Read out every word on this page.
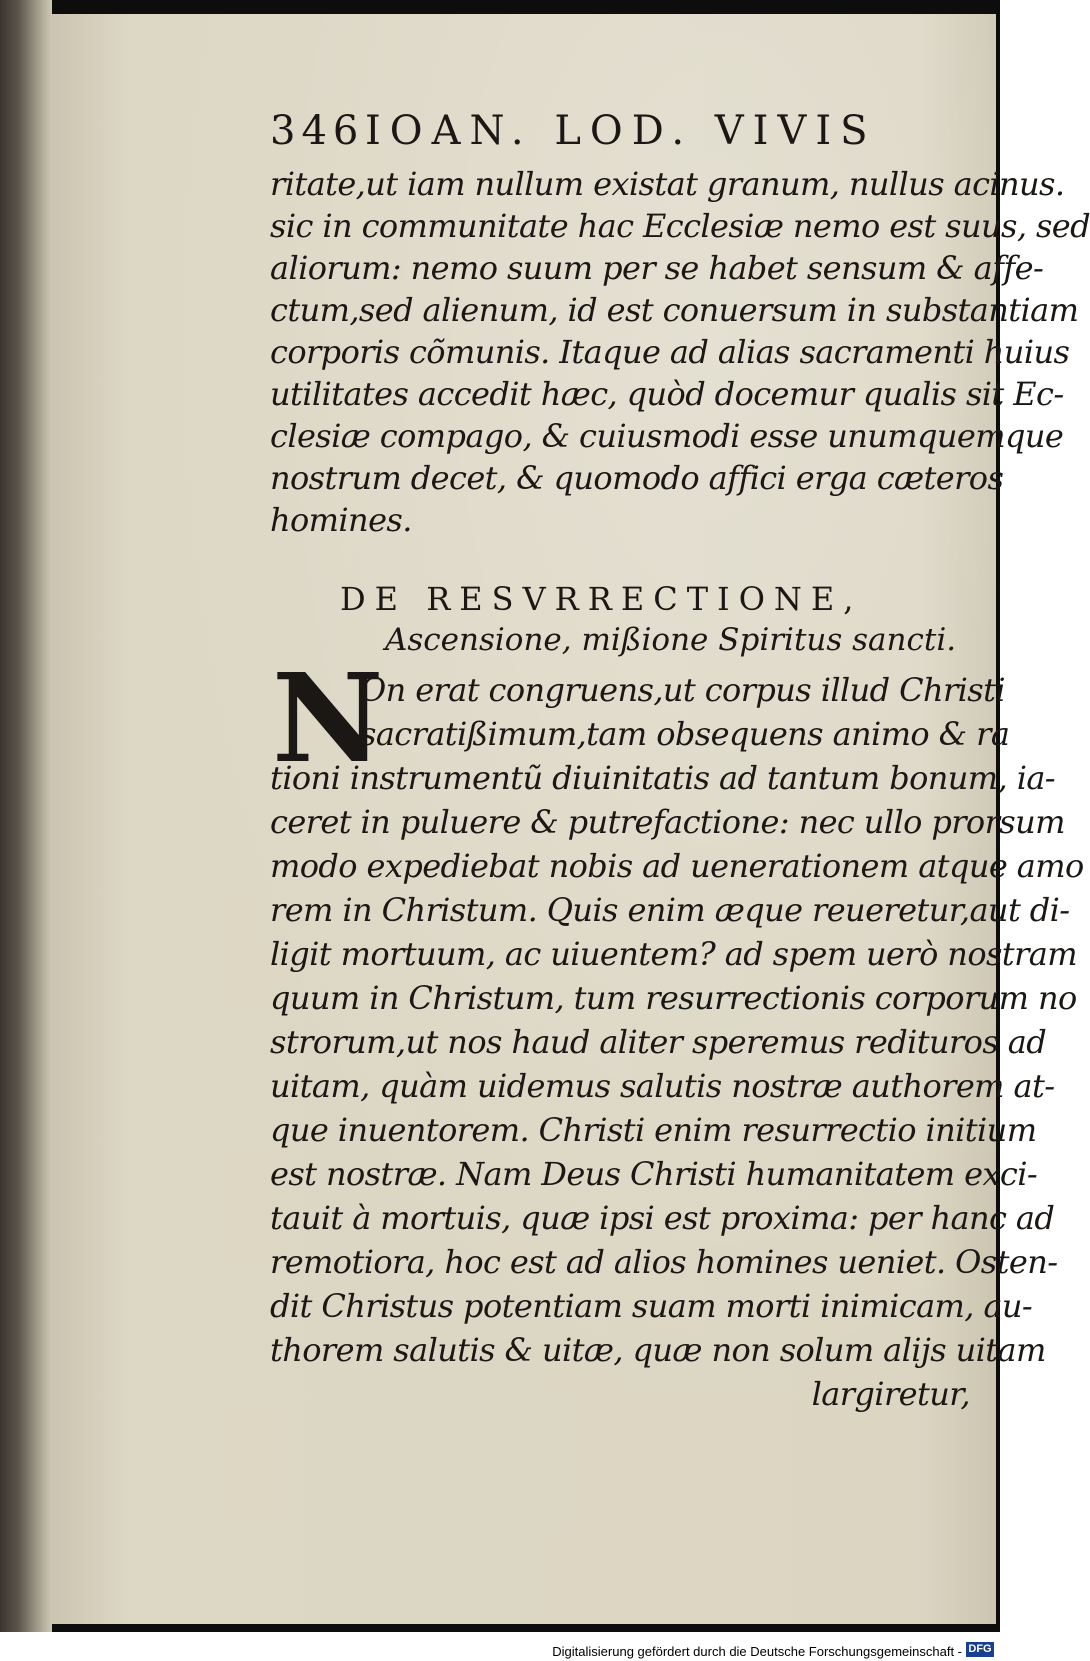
346IOAN. LOD. VIVIS
ritate,ut iam nullum existat granum, nullus acinus.
sic in communitate hac Ecclesiæ nemo est suus, sed
aliorum: nemo suum per se habet sensum & affe-
ctum,sed alienum, id est conuersum in substantiam
corporis cõmunis. Itaque ad alias sacramenti huius
utilitates accedit hæc, quòd docemur qualis sit Ec-
clesiæ compago, & cuiusmodi esse unumquemque
nostrum decet, & quomodo affici erga cæteros
homines.
DE RESVRRECTIONE,
Ascensione, mißione Spiritus sancti.
N
On erat congruens,ut corpus illud Christi
sacratißimum,tam obsequens animo & ra
tioni instrumentũ diuinitatis ad tantum bonum, ia-
ceret in puluere & putrefactione: nec ullo prorsum
modo expediebat nobis ad uenerationem atque amo
rem in Christum. Quis enim æque reueretur,aut di-
ligit mortuum, ac uiuentem? ad spem uerò nostram
quum in Christum, tum resurrectionis corporum no
strorum,ut nos haud aliter speremus redituros ad
uitam, quàm uidemus salutis nostræ authorem at-
que inuentorem. Christi enim resurrectio initium
est nostræ. Nam Deus Christi humanitatem exci-
tauit à mortuis, quæ ipsi est proxima: per hanc ad
remotiora, hoc est ad alios homines ueniet. Osten-
dit Christus potentiam suam morti inimicam, au-
thorem salutis & uitæ, quæ non solum alijs uitam
largiretur,
Digitalisierung gefördert durch die Deutsche Forschungsgemeinschaft - DFG
